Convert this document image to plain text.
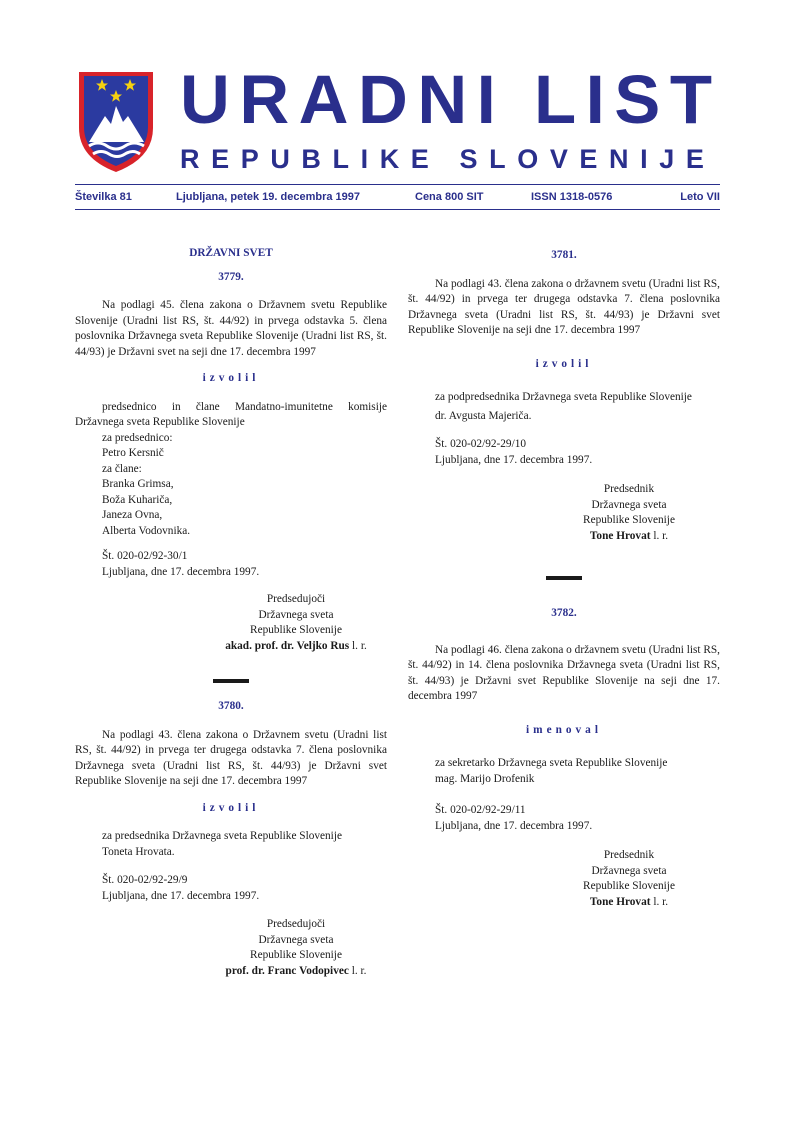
URADNI LIST
REPUBLIKE SLOVENIJE
Številka 81	Ljubljana, petek 19. decembra 1997	Cena 800 SIT	ISSN 1318-0576	Leto VII

DRŽAVNI SVET

3779.

Na podlagi 45. člena zakona o Državnem svetu Republike Slovenije (Uradni list RS, št. 44/92) in prvega odstavka 5. člena poslovnika Državnega sveta Republike Slovenije (Uradni list RS, št. 44/93) je Državni svet na seji dne 17. decembra 1997

izvolil

predsednico in člane Mandatno-imunitetne komisije Državnega sveta Republike Slovenije

za predsednico:

Petro Kersnič

za člane:

Branka Grimsa,

Boža Kuhariča,

Janeza Ovna,

Alberta Vodovnika.

Št. 020-02/92-30/1

Ljubljana, dne 17. decembra 1997.

Predsedujoči

Državnega sveta

Republike Slovenije

akad. prof. dr. Veljko Rus l. r.

3780.

Na podlagi 43. člena zakona o Državnem svetu (Uradni list RS, št. 44/92) in prvega ter drugega odstavka 7. člena poslovnika Državnega sveta (Uradni list RS, št. 44/93) je Državni svet Republike Slovenije na seji dne 17. decembra 1997

izvolil

za predsednika Državnega sveta Republike Slovenije

Toneta Hrovata.

Št. 020-02/92-29/9

Ljubljana, dne 17. decembra 1997.

Predsedujoči

Državnega sveta

Republike Slovenije

prof. dr. Franc Vodopivec l. r.

3781.

Na podlagi 43. člena zakona o državnem svetu (Uradni list RS, št. 44/92) in prvega ter drugega odstavka 7. člena poslovnika Državnega sveta (Uradni list RS, št. 44/93) je Državni svet Republike Slovenije na seji dne 17. decembra 1997

izvolil

za podpredsednika Državnega sveta Republike Slovenije

dr. Avgusta Majeriča.

Št. 020-02/92-29/10

Ljubljana, dne 17. decembra 1997.

Predsednik

Državnega sveta

Republike Slovenije

Tone Hrovat l. r.

3782.

Na podlagi 46. člena zakona o državnem svetu (Uradni list RS, št. 44/92) in 14. člena poslovnika Državnega sveta (Uradni list RS, št. 44/93) je Državni svet Republike Slovenije na seji dne 17. decembra 1997

imenoval

za sekretarko Državnega sveta Republike Slovenije

mag. Marijo Drofenik

Št. 020-02/92-29/11

Ljubljana, dne 17. decembra 1997.

Predsednik

Državnega sveta

Republike Slovenije

Tone Hrovat l. r.
